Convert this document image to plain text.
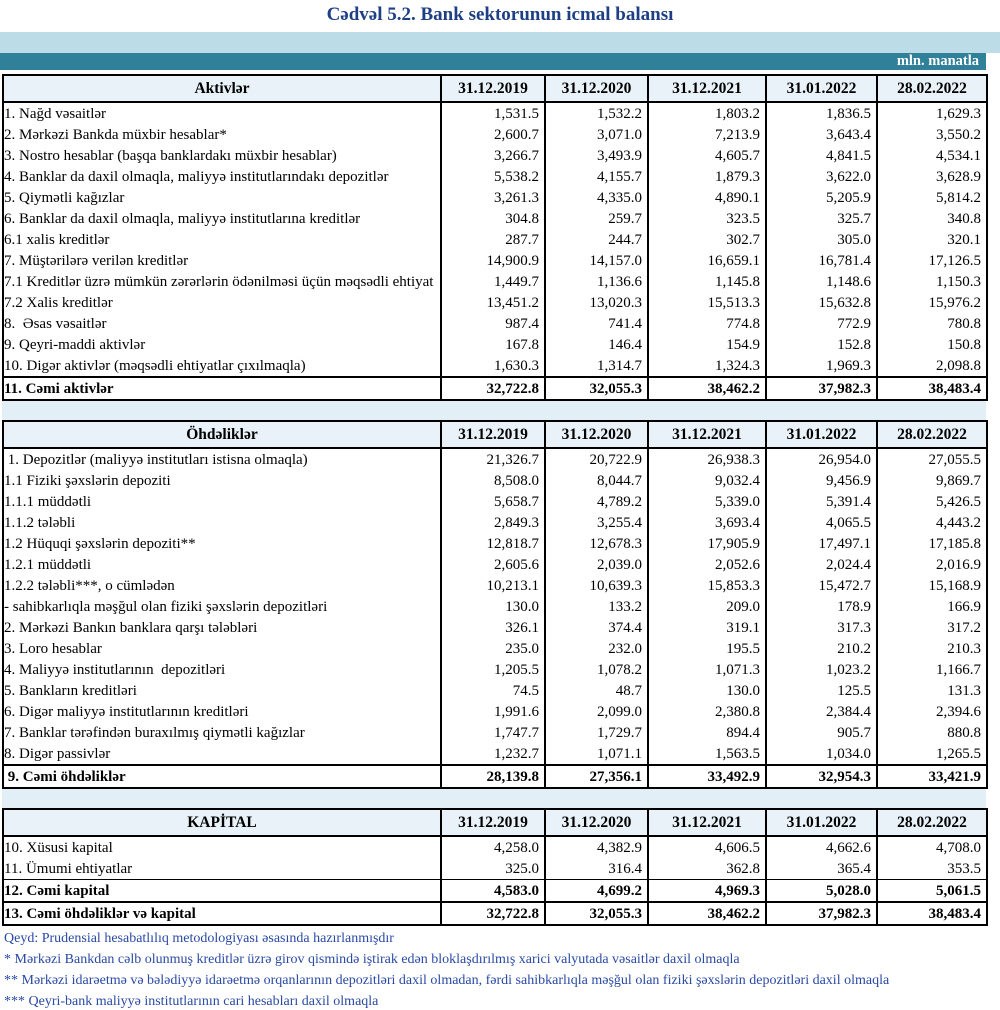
Cədvəl 5.2. Bank sektorunun icmal balansı
mln. manatla
Aktivlər	31.12.2019	31.12.2020	31.12.2021	31.01.2022	28.02.2022
1. Nağd vəsaitlər	1,531.5	1,532.2	1,803.2	1,836.5	1,629.3
2. Mərkəzi Bankda müxbir hesablar*	2,600.7	3,071.0	7,213.9	3,643.4	3,550.2
3. Nostro hesablar (başqa banklardakı müxbir hesablar)	3,266.7	3,493.9	4,605.7	4,841.5	4,534.1
4. Banklar da daxil olmaqla, maliyyə institutlarındakı depozitlər	5,538.2	4,155.7	1,879.3	3,622.0	3,628.9
5. Qiymətli kağızlar	3,261.3	4,335.0	4,890.1	5,205.9	5,814.2
6. Banklar da daxil olmaqla, maliyyə institutlarına kreditlər	304.8	259.7	323.5	325.7	340.8
6.1 xalis kreditlər	287.7	244.7	302.7	305.0	320.1
7. Müştərilərə verilən kreditlər	14,900.9	14,157.0	16,659.1	16,781.4	17,126.5
7.1 Kreditlər üzrə mümkün zərərlərin ödənilməsi üçün məqsədli ehtiyat	1,449.7	1,136.6	1,145.8	1,148.6	1,150.3
7.2 Xalis kreditlər	13,451.2	13,020.3	15,513.3	15,632.8	15,976.2
8.  Əsas vəsaitlər	987.4	741.4	774.8	772.9	780.8
9. Qeyri-maddi aktivlər	167.8	146.4	154.9	152.8	150.8
10. Digər aktivlər (məqsədli ehtiyatlar çıxılmaqla)	1,630.3	1,314.7	1,324.3	1,969.3	2,098.8
11. Cəmi aktivlər	32,722.8	32,055.3	38,462.2	37,982.3	38,483.4
Öhdəliklər	31.12.2019	31.12.2020	31.12.2021	31.01.2022	28.02.2022
1. Depozitlər (maliyyə institutları istisna olmaqla)	21,326.7	20,722.9	26,938.3	26,954.0	27,055.5
1.1 Fiziki şəxslərin depoziti	8,508.0	8,044.7	9,032.4	9,456.9	9,869.7
1.1.1 müddətli	5,658.7	4,789.2	5,339.0	5,391.4	5,426.5
1.1.2 tələbli	2,849.3	3,255.4	3,693.4	4,065.5	4,443.2
1.2 Hüquqi şəxslərin depoziti**	12,818.7	12,678.3	17,905.9	17,497.1	17,185.8
1.2.1 müddətli	2,605.6	2,039.0	2,052.6	2,024.4	2,016.9
1.2.2 tələbli***, o cümlədən	10,213.1	10,639.3	15,853.3	15,472.7	15,168.9
- sahibkarlıqla məşğul olan fiziki şəxslərin depozitləri	130.0	133.2	209.0	178.9	166.9
2. Mərkəzi Bankın banklara qarşı tələbləri	326.1	374.4	319.1	317.3	317.2
3. Loro hesablar	235.0	232.0	195.5	210.2	210.3
4. Maliyyə institutlarının  depozitləri	1,205.5	1,078.2	1,071.3	1,023.2	1,166.7
5. Bankların kreditləri	74.5	48.7	130.0	125.5	131.3
6. Digər maliyyə institutlarının kreditləri	1,991.6	2,099.0	2,380.8	2,384.4	2,394.6
7. Banklar tərəfindən buraxılmış qiymətli kağızlar	1,747.7	1,729.7	894.4	905.7	880.8
8. Digər passivlər	1,232.7	1,071.1	1,563.5	1,034.0	1,265.5
9. Cəmi öhdəliklər	28,139.8	27,356.1	33,492.9	32,954.3	33,421.9
KAPİTAL	31.12.2019	31.12.2020	31.12.2021	31.01.2022	28.02.2022
10. Xüsusi kapital	4,258.0	4,382.9	4,606.5	4,662.6	4,708.0
11. Ümumi ehtiyatlar	325.0	316.4	362.8	365.4	353.5
12. Cəmi kapital	4,583.0	4,699.2	4,969.3	5,028.0	5,061.5
13. Cəmi öhdəliklər və kapital	32,722.8	32,055.3	38,462.2	37,982.3	38,483.4

Qeyd: Prudensial hesabatlılıq metodologiyası əsasında hazırlanmışdır

* Mərkəzi Bankdan cəlb olunmuş kreditlər üzrə girov qismində iştirak edən bloklaşdırılmış xarici valyutada vəsaitlər daxil olmaqla

** Mərkəzi idarəetmə və bələdiyyə idarəetmə orqanlarının depozitləri daxil olmadan, fərdi sahibkarlıqla məşğul olan fiziki şəxslərin depozitləri daxil olmaqla

*** Qeyri-bank maliyyə institutlarının cari hesabları daxil olmaqla
